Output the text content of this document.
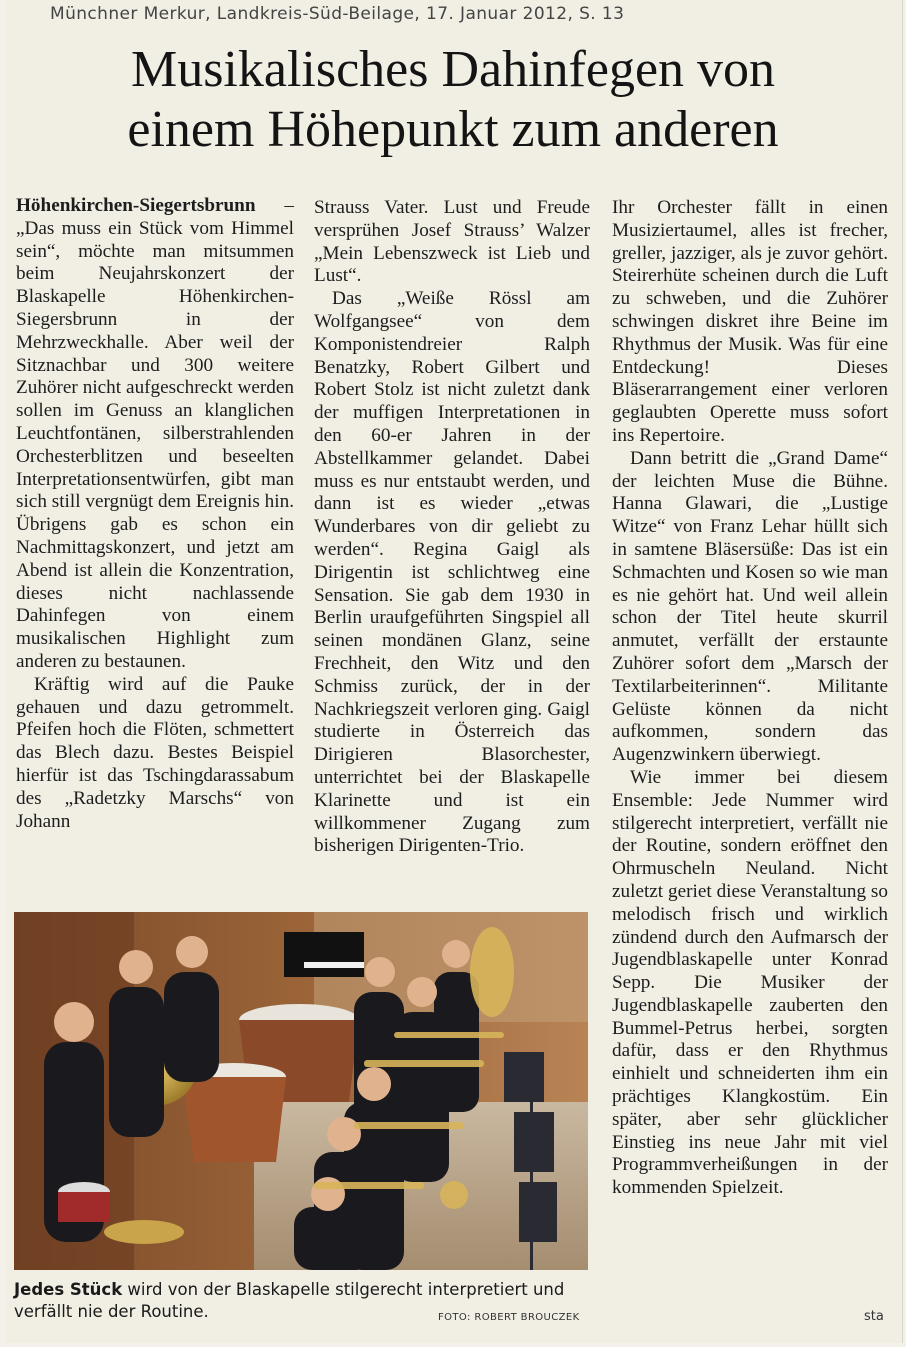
Münchner Merkur, Landkreis-Süd-Beilage, 17. Januar 2012, S. 13
Musikalisches Dahinfegen von
einem Höhepunkt zum anderen

Höhenkirchen-Siegertsbrunn – „Das muss ein Stück vom Himmel sein“, möchte man mitsummen beim Neujahrskonzert der Blaskapelle Höhenkirchen-Siegersbrunn in der Mehrzweckhalle. Aber weil der Sitznachbar und 300 weitere Zuhörer nicht aufgeschreckt werden sollen im Genuss an klanglichen Leuchtfontänen, silberstrahlenden Orchesterblitzen und beseelten Interpretationsentwürfen, gibt man sich still vergnügt dem Ereignis hin. Übrigens gab es schon ein Nachmittagskonzert, und jetzt am Abend ist allein die Konzentration, dieses nicht nachlassende Dahinfegen von einem musikalischen Highlight zum anderen zu bestaunen.

Kräftig wird auf die Pauke gehauen und dazu getrommelt. Pfeifen hoch die Flöten, schmettert das Blech dazu. Bestes Beispiel hierfür ist das Tschingdarassabum des „Radetzky Marschs“ von Johann

Strauss Vater. Lust und Freude versprühen Josef Strauss’ Walzer „Mein Lebenszweck ist Lieb und Lust“.

Das „Weiße Rössl am Wolfgangsee“ von dem Komponistendreier Ralph Benatzky, Robert Gilbert und Robert Stolz ist nicht zuletzt dank der muffigen Interpretationen in den 60-er Jahren in der Abstellkammer gelandet. Dabei muss es nur entstaubt werden, und dann ist es wieder „etwas Wunderbares von dir geliebt zu werden“. Regina Gaigl als Dirigentin ist schlichtweg eine Sensation. Sie gab dem 1930 in Berlin uraufgeführten Singspiel all seinen mondänen Glanz, seine Frechheit, den Witz und den Schmiss zurück, der in der Nachkriegszeit verloren ging. Gaigl studierte in Österreich das Dirigieren Blasorchester, unterrichtet bei der Blaskapelle Klarinette und ist ein willkommener Zugang zum bisherigen Dirigenten-Trio.

Ihr Orchester fällt in einen Musiziertaumel, alles ist frecher, greller, jazziger, als je zuvor gehört. Steirerhüte scheinen durch die Luft zu schweben, und die Zuhörer schwingen diskret ihre Beine im Rhythmus der Musik. Was für eine Entdeckung! Dieses Bläserarrangement einer verloren geglaubten Operette muss sofort ins Repertoire.

Dann betritt die „Grand Dame“ der leichten Muse die Bühne. Hanna Glawari, die „Lustige Witze“ von Franz Lehar hüllt sich in samtene Bläsersüße: Das ist ein Schmachten und Kosen so wie man es nie gehört hat. Und weil allein schon der Titel heute skurril anmutet, verfällt der erstaunte Zuhörer sofort dem „Marsch der Textilarbeiterinnen“. Militante Gelüste können da nicht aufkommen, sondern das Augenzwinkern überwiegt.

Wie immer bei diesem Ensemble: Jede Nummer wird stilgerecht interpretiert, verfällt nie der Routine, sondern eröffnet den Ohrmuscheln Neuland. Nicht zuletzt geriet diese Veranstaltung so melodisch frisch und wirklich zündend durch den Aufmarsch der Jugendblaskapelle unter Konrad Sepp. Die Musiker der Jugendblaskapelle zauberten den Bummel-Petrus herbei, sorgten dafür, dass er den Rhythmus einhielt und schneiderten ihm ein prächtiges Klangkostüm. Ein später, aber sehr glücklicher Einstieg ins neue Jahr mit viel Programmverheißungen in der kommenden Spielzeit.

sta
Jedes Stück wird von der Blaskapelle stilgerecht interpretiert und verfällt nie der Routine.	FOTO: ROBERT BROUCZEK
